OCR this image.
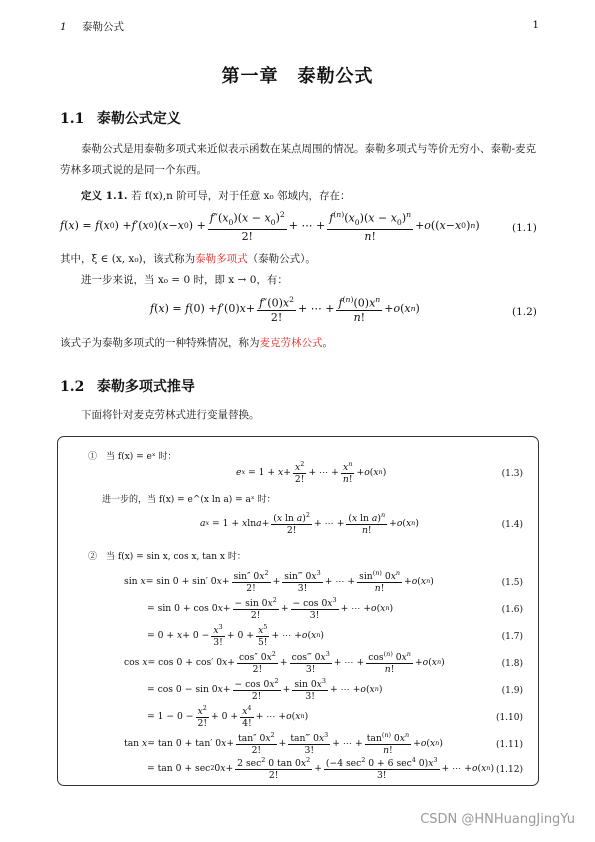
1 泰勒公式	1
第一章　泰勒公式
1.1 泰勒公式定义
泰勒公式是用泰勒多项式来近似表示函数在某点周围的情况。泰勒多项式与等价无穷小、泰勒-麦克劳林多项式说的是同一个东西。
定义 1.1. 若 f(x),n 阶可导，对于任意 x₀ 邻域内，存在：
f ( x ) = f ( x 0 ) + f ′( x 0 )( x − x 0 ) + $\frac{f''(x_0)(x - x_0)^2}{2!}$ + ⋯ + $\frac{f^{(n)}(x_0)(x - x_0)^n}{n!} + o$ (( x − x 0 ) n )	(1.1)
其中，ξ ∈ (x, x₀)，该式称为泰勒多项式（泰勒公式）。
进一步来说，当 x₀ = 0 时，即 x → 0，有：
f ( x ) = f (0) + f ′(0) $x + \frac{f''(0)x^2}{2!}$ + ⋯ + $\frac{f^{(n)}(0)x^n}{n!} + o$ ( x n )	(1.2)
该式子为泰勒多项式的一种特殊情况，称为麦克劳林公式。
1.2 泰勒多项式推导
下面将针对麦克劳林式进行变量替换。
①　当 f(x) = eˣ 时：
e $x = 1 + x + \frac{x^2}{2!}$ + ⋯ + $\frac{x^n}{n!} + o$ ( x n )	(1.3)
进一步的，当 f(x) = e^(x ln a) = aˣ 时：
a x = 1 + x $\ln a + \frac{(x \ln a)^2}{2!}$ + ⋯ + $\frac{(x \ln a)^n}{n!} + o$ ( x n )	(1.4)
②　当 f(x) = sin x, cos x, tan x 时：
sin x = sin 0 + sin′ 0 $x + \frac{\sin'' 0x^2}{2!} + \frac{\sin‴ 0x^3}{3!}$ + ⋯ + $\frac{\sin^{(n)} 0x^n}{n!} + o$ ( x n )	(1.5)
= sin 0 + cos 0 $x + \frac{- \sin 0x^2}{2!} + \frac{- \cos 0x^3}{3!}$ + ⋯ + o ( x n )	(1.6)
= $0 + x + 0 - \frac{x^3}{3!} + 0 + \frac{x^5}{5!}$ + ⋯ + o ( x n )	(1.7)
cos x = cos 0 + cos′ 0 $x + \frac{\cos'' 0x^2}{2!} + \frac{\cos‴ 0x^3}{3!}$ + ⋯ + $\frac{\cos^{(n)} 0x^n}{n!} + o$ ( x n )	(1.8)
= cos 0 − sin 0 $x + \frac{- \cos 0x^2}{2!} + \frac{\sin 0x^3}{3!}$ + ⋯ + o ( x n )	(1.9)
= $1 - 0 - \frac{x^2}{2!} + 0 + \frac{x^4}{4!}$ + ⋯ + o ( x n )	(1.10)
tan x = tan 0 + tan′ 0 $x + \frac{\tan'' 0x^2}{2!} + \frac{\tan‴ 0x^3}{3!}$ + ⋯ + $\frac{\tan^{(n)} 0x^n}{n!} + o$ ( x n )	(1.11)
= tan 0 + sec 2 0 $x + \frac{2 \sec^2 0 \tan 0x^2}{2!} + \frac{(-4 \sec^2 0 + 6 \sec^4 0)x^3}{3!}$ + ⋯ + o ( x n ) (1.12)
CSDN @HNHuangJingYu
